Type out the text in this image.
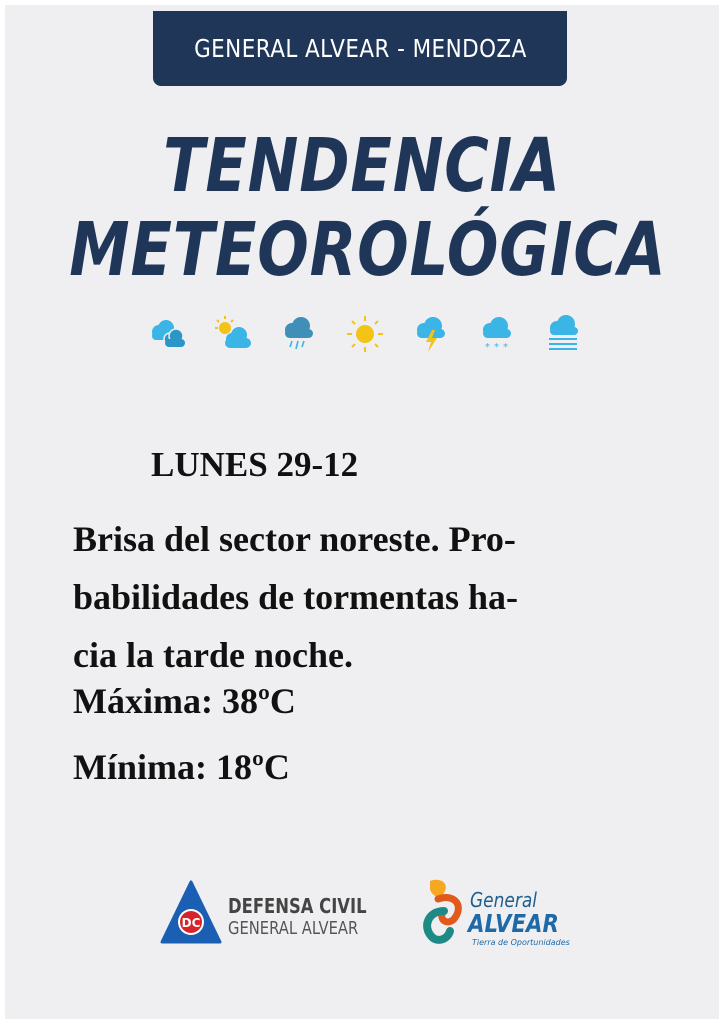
GENERAL ALVEAR - MENDOZA
TENDENCIA
METEOROLÓGICA
* * *
LUNES 29-12
Brisa del sector noreste. Pro-
babilidades de tormentas ha-
cia la tarde noche.
Máxima: 38ºC
Mínima: 18ºC
DC
DEFENSA CIVIL
GENERAL ALVEAR
General
ALVEAR
Tierra de Oportunidades
